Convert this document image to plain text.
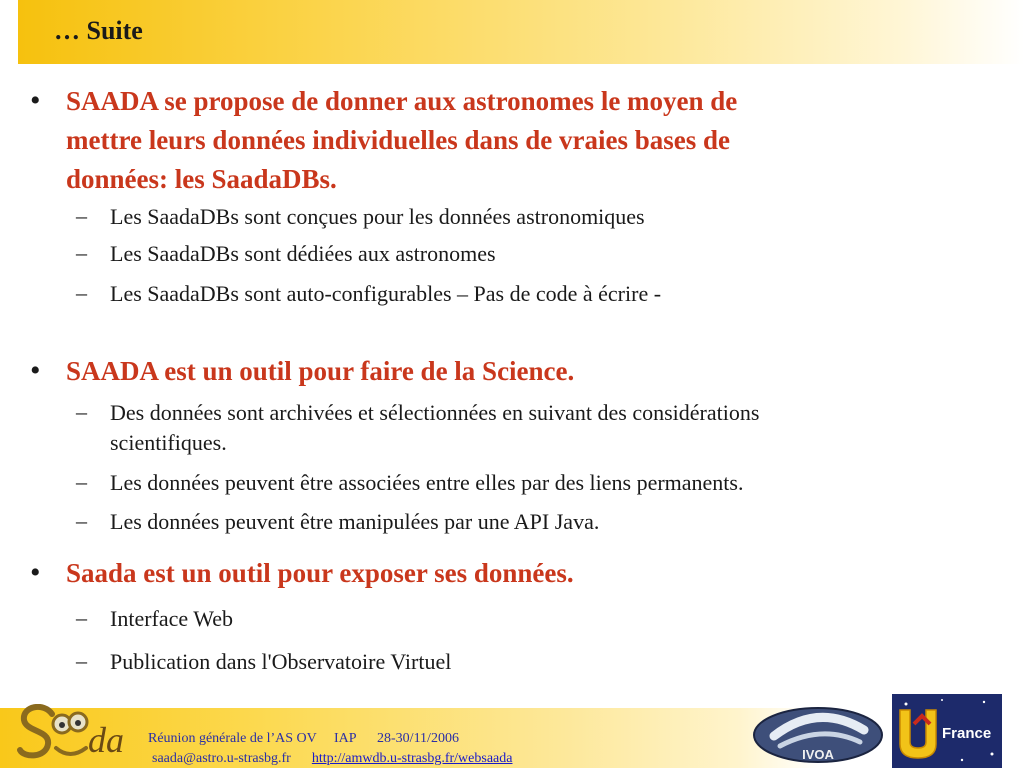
… Suite
• SAADA se propose de donner aux astronomes le moyen de
mettre leurs données individuelles dans de vraies bases de
données: les SaadaDBs.
– Les SaadaDBs sont conçues pour les données astronomiques
– Les SaadaDBs sont dédiées aux astronomes
– Les SaadaDBs sont auto-configurables – Pas de code à écrire -
• SAADA est un outil pour faire de la Science.
– Des données sont archivées et sélectionnées en suivant des considérations
scientifiques.
– Les données peuvent être associées entre elles par des liens permanents.
– Les données peuvent être manipulées par une API Java.
• Saada est un outil pour exposer ses données.
– Interface Web
– Publication dans l'Observatoire Virtuel
da Réunion générale de l’AS OV     IAP      28-30/11/2006
saada@astro.u-strasbg.fr http://amwdb.u-strasbg.fr/websaada	IVOA
France
